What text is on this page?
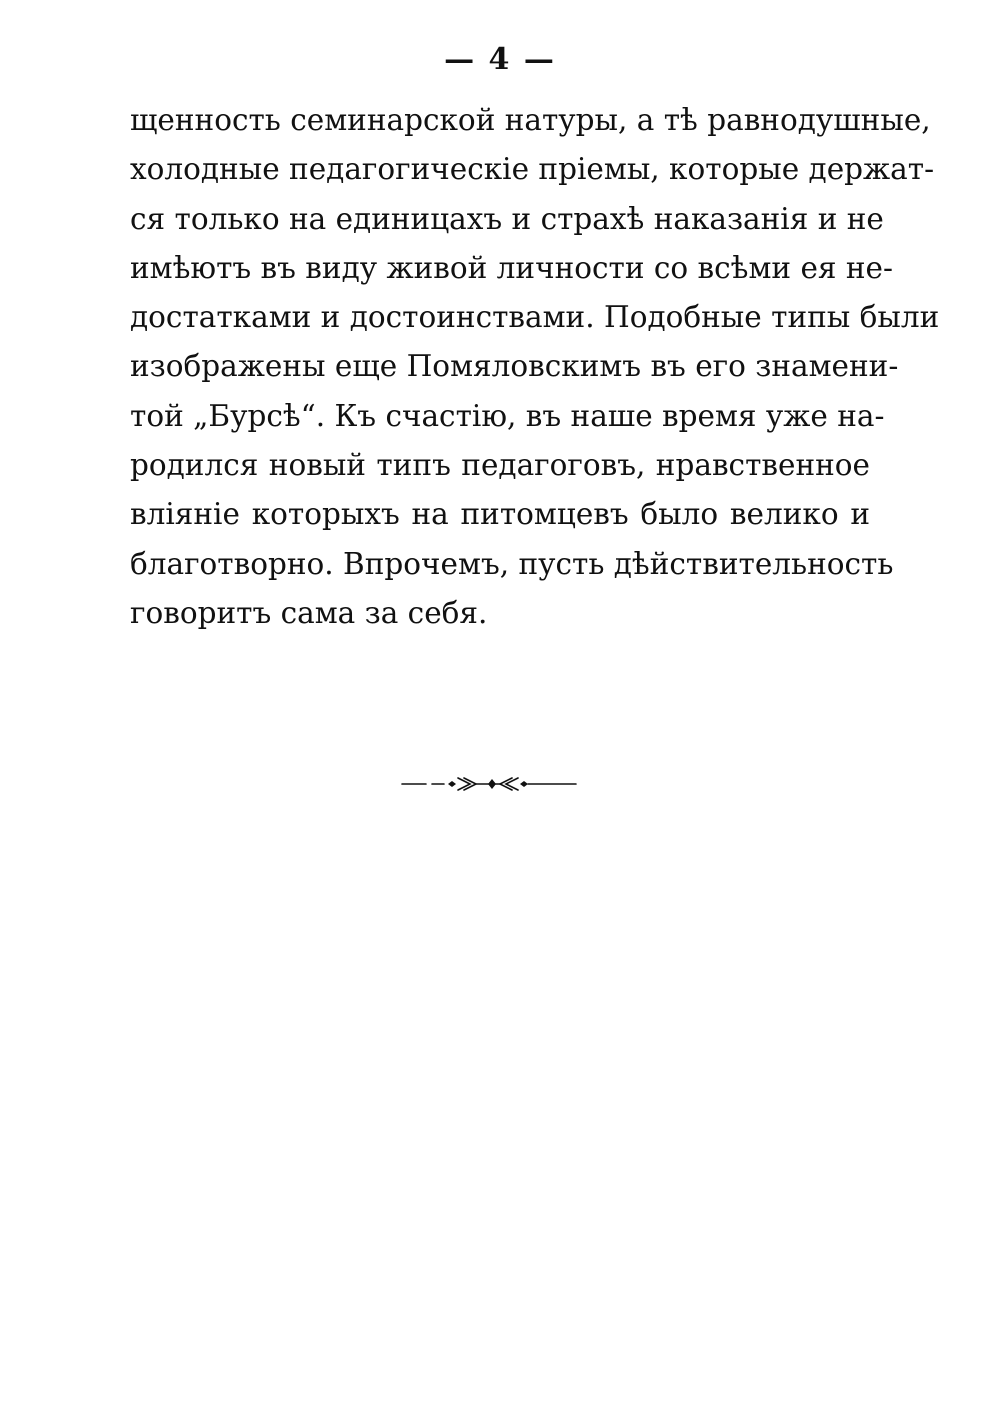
— 4 —
щенность семинарской натуры, а тѣ равнодушные,
холодные педагогическіе пріемы, которые держат-
ся только на единицахъ и страхѣ наказанія и не
имѣютъ въ виду живой личности со всѣми ея не-
достатками и достоинствами. Подобные типы были
изображены еще Помяловскимъ въ его знамени-
той „Бурсѣ“. Къ счастію, въ наше время уже на-
родился новый типъ педагоговъ, нравственное
вліяніе которыхъ на питомцевъ было велико и
благотворно. Впрочемъ, пусть дѣйствительность
говоритъ сама за себя.
